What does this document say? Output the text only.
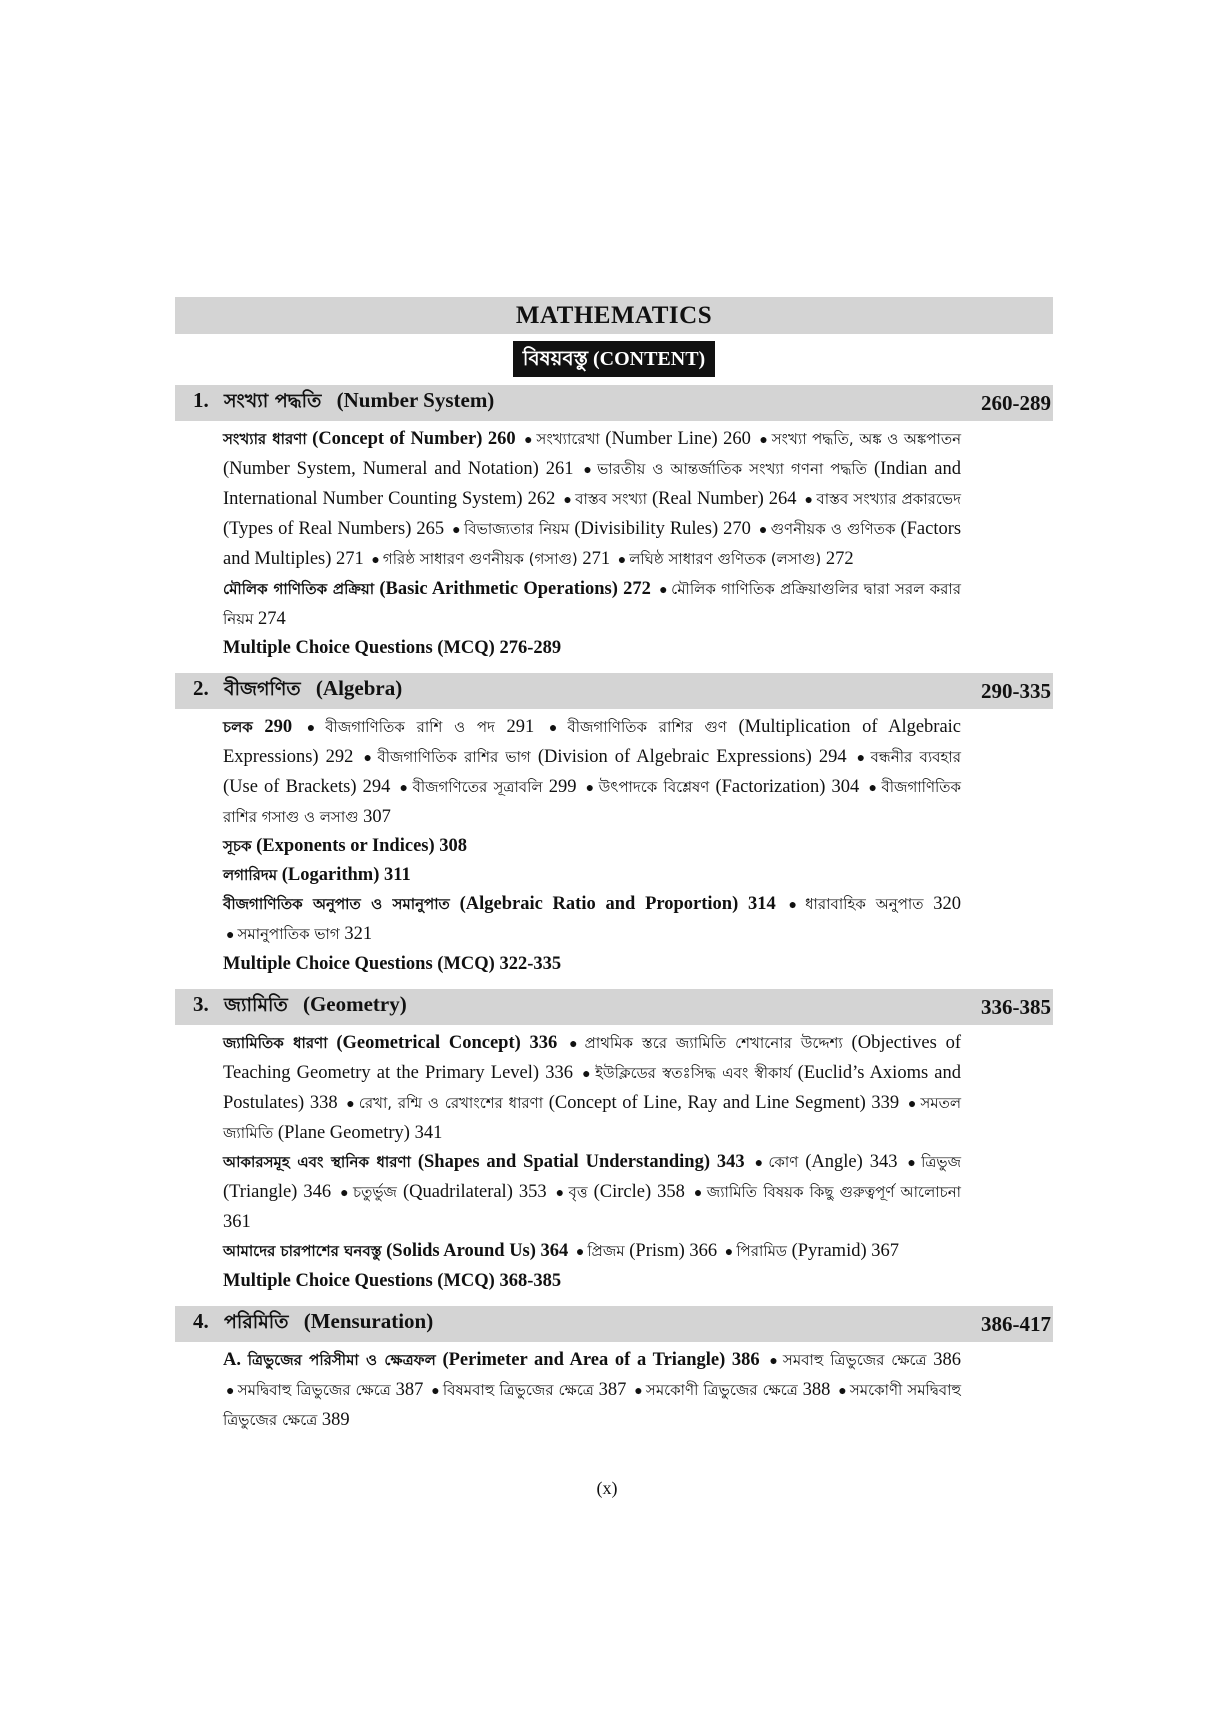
MATHEMATICS
বিষয়বস্তু (CONTENT)
1. সংখ্যা পদ্ধতি (Number System)	260-289

সংখ্যার ধারণা (Concept of Number) 260 ● সংখ্যারেখা (Number Line) 260 ● সংখ্যা পদ্ধতি, অঙ্ক ও অঙ্কপাতন (Number System, Numeral and Notation) 261 ● ভারতীয় ও আন্তর্জাতিক সংখ্যা গণনা পদ্ধতি (Indian and International Number Counting System) 262 ● বাস্তব সংখ্যা (Real Number) 264 ● বাস্তব সংখ্যার প্রকারভেদ (Types of Real Numbers) 265 ● বিভাজ্যতার নিয়ম (Divisibility Rules) 270 ● গুণনীয়ক ও গুণিতক (Factors and Multiples) 271 ● গরিষ্ঠ সাধারণ গুণনীয়ক (গসাগু) 271 ● লঘিষ্ঠ সাধারণ গুণিতক (লসাগু) 272

মৌলিক গাণিতিক প্রক্রিয়া (Basic Arithmetic Operations) 272 ● মৌলিক গাণিতিক প্রক্রিয়াগুলির দ্বারা সরল করার নিয়ম 274

Multiple Choice Questions (MCQ) 276-289

2. বীজগণিত (Algebra)	290-335

চলক 290 ● বীজগাণিতিক রাশি ও পদ 291 ● বীজগাণিতিক রাশির গুণ (Multiplication of Algebraic Expressions) 292 ● বীজগাণিতিক রাশির ভাগ (Division of Algebraic Expressions) 294 ● বন্ধনীর ব্যবহার (Use of Brackets) 294 ● বীজগণিতের সূত্রাবলি 299 ● উৎপাদকে বিশ্লেষণ (Factorization) 304 ● বীজগাণিতিক রাশির গসাগু ও লসাগু 307

সূচক (Exponents or Indices) 308

লগারিদম (Logarithm) 311

বীজগাণিতিক অনুপাত ও সমানুপাত (Algebraic Ratio and Proportion) 314 ● ধারাবাহিক অনুপাত 320 ● সমানুপাতিক ভাগ 321

Multiple Choice Questions (MCQ) 322-335

3. জ্যামিতি (Geometry)	336-385

জ্যামিতিক ধারণা (Geometrical Concept) 336 ● প্রাথমিক স্তরে জ্যামিতি শেখানোর উদ্দেশ্য (Objectives of Teaching Geometry at the Primary Level) 336 ● ইউক্লিডের স্বতঃসিদ্ধ এবং স্বীকার্য (Euclid’s Axioms and Postulates) 338 ● রেখা, রশ্মি ও রেখাংশের ধারণা (Concept of Line, Ray and Line Segment) 339 ● সমতল জ্যামিতি (Plane Geometry) 341

আকারসমূহ এবং স্থানিক ধারণা (Shapes and Spatial Understanding) 343 ● কোণ (Angle) 343 ● ত্রিভুজ (Triangle) 346 ● চতুর্ভুজ (Quadrilateral) 353 ● বৃত্ত (Circle) 358 ● জ্যামিতি বিষয়ক কিছু গুরুত্বপূর্ণ আলোচনা 361

আমাদের চারপাশের ঘনবস্তু (Solids Around Us) 364 ● প্রিজম (Prism) 366 ● পিরামিড (Pyramid) 367

Multiple Choice Questions (MCQ) 368-385

4. পরিমিতি (Mensuration)	386-417

A. ত্রিভুজের পরিসীমা ও ক্ষেত্রফল (Perimeter and Area of a Triangle) 386 ● সমবাহু ত্রিভুজের ক্ষেত্রে 386 ● সমদ্বিবাহু ত্রিভুজের ক্ষেত্রে 387 ● বিষমবাহু ত্রিভুজের ক্ষেত্রে 387 ● সমকোণী ত্রিভুজের ক্ষেত্রে 388 ● সমকোণী সমদ্বিবাহু ত্রিভুজের ক্ষেত্রে 389

(x)
